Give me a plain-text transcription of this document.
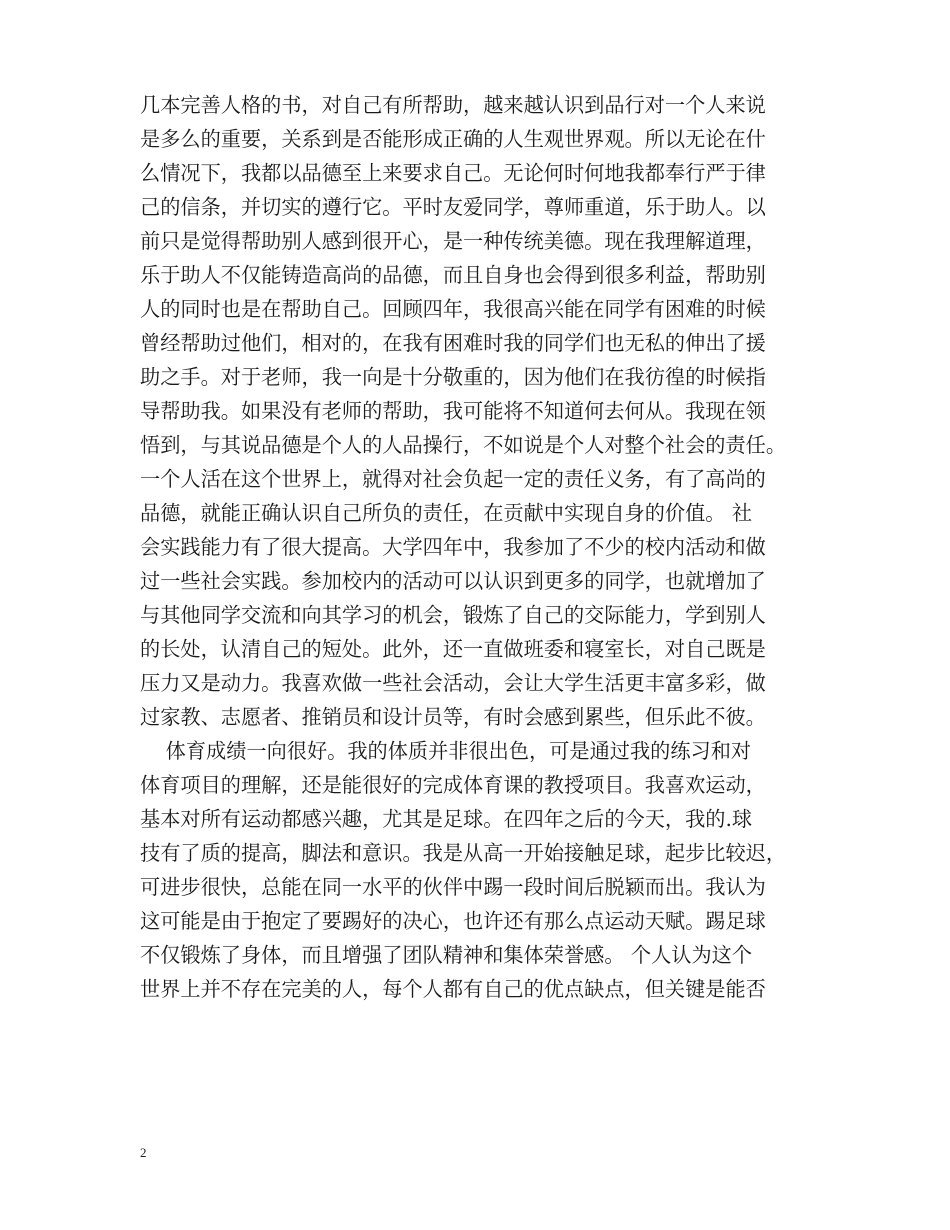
几本完善人格的书，对自己有所帮助，越来越认识到品行对一个人来说
是多么的重要，关系到是否能形成正确的人生观世界观。所以无论在什
么情况下，我都以品德至上来要求自己。无论何时何地我都奉行严于律
己的信条，并切实的遵行它。平时友爱同学，尊师重道，乐于助人。以
前只是觉得帮助别人感到很开心，是一种传统美德。现在我理解道理，
乐于助人不仅能铸造高尚的品德，而且自身也会得到很多利益，帮助别
人的同时也是在帮助自己。回顾四年，我很高兴能在同学有困难的时候
曾经帮助过他们，相对的，在我有困难时我的同学们也无私的伸出了援
助之手。对于老师，我一向是十分敬重的，因为他们在我彷徨的时候指
导帮助我。如果没有老师的帮助，我可能将不知道何去何从。我现在领
悟到，与其说品德是个人的人品操行，不如说是个人对整个社会的责任。
一个人活在这个世界上，就得对社会负起一定的责任义务，有了高尚的
品德，就能正确认识自己所负的责任，在贡献中实现自身的价值。 社
会实践能力有了很大提高。大学四年中，我参加了不少的校内活动和做
过一些社会实践。参加校内的活动可以认识到更多的同学，也就增加了
与其他同学交流和向其学习的机会，锻炼了自己的交际能力，学到别人
的长处，认清自己的短处。此外，还一直做班委和寝室长，对自己既是
压力又是动力。我喜欢做一些社会活动，会让大学生活更丰富多彩，做
过家教、志愿者、推销员和设计员等，有时会感到累些，但乐此不彼。
体育成绩一向很好。我的体质并非很出色，可是通过我的练习和对
体育项目的理解，还是能很好的完成体育课的教授项目。我喜欢运动，
基本对所有运动都感兴趣，尤其是足球。在四年之后的今天，我的.球
技有了质的提高，脚法和意识。我是从高一开始接触足球，起步比较迟，
可进步很快，总能在同一水平的伙伴中踢一段时间后脱颖而出。我认为
这可能是由于抱定了要踢好的决心，也许还有那么点运动天赋。踢足球
不仅锻炼了身体，而且增强了团队精神和集体荣誉感。 个人认为这个
世界上并不存在完美的人，每个人都有自己的优点缺点，但关键是能否
2
